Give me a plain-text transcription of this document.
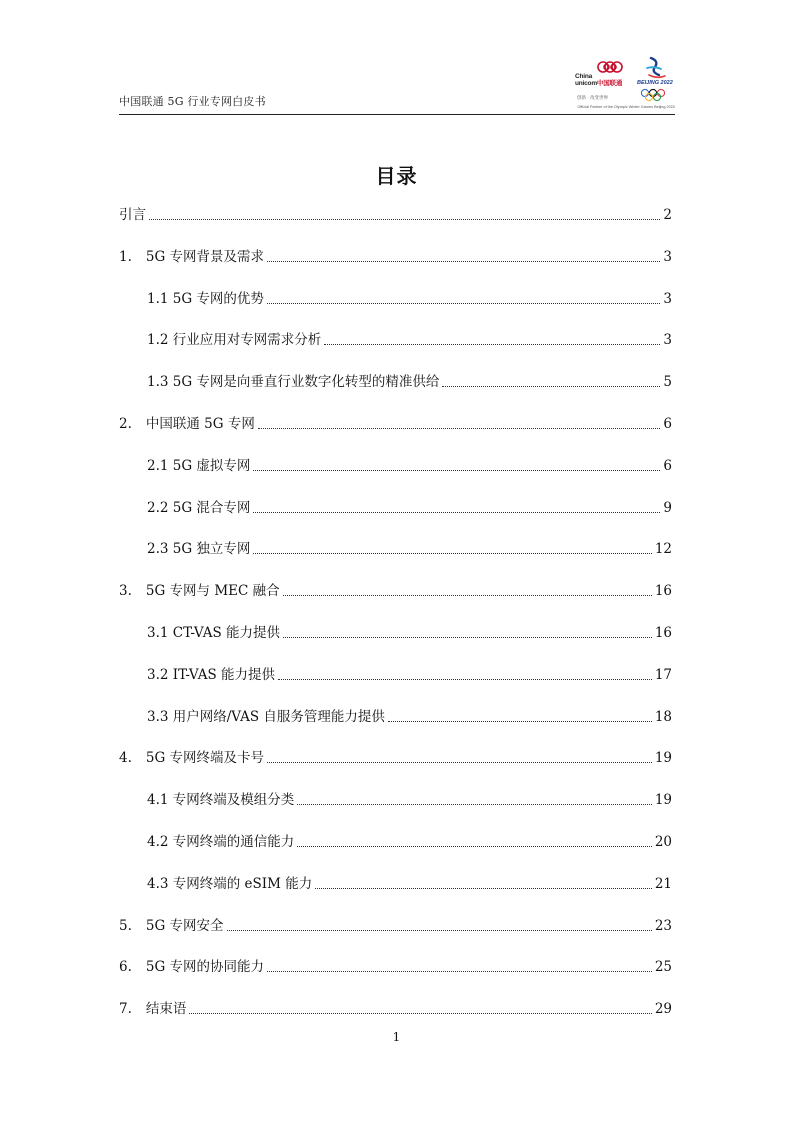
中国联通 5G 行业专网白皮书
China
unicom中国联通
创新 · 改变世界
BEIJING 2022
Official Partner of the Olympic Winter Games Beijing 2022
目录
引言	2
1. 5G 专网背景及需求	3
1.1 5G 专网的优势	3
1.2 行业应用对专网需求分析	3
1.3 5G 专网是向垂直行业数字化转型的精准供给	5
2. 中国联通 5G 专网	6
2.1 5G 虚拟专网	6
2.2 5G 混合专网	9
2.3 5G 独立专网	12
3. 5G 专网与 MEC 融合	16
3.1 CT-VAS 能力提供	16
3.2 IT-VAS 能力提供	17
3.3 用户网络/VAS 自服务管理能力提供	18
4. 5G 专网终端及卡号	19
4.1 专网终端及模组分类	19
4.2 专网终端的通信能力	20
4.3 专网终端的 eSIM 能力	21
5. 5G 专网安全	23
6. 5G 专网的协同能力	25
7. 结束语	29
1
